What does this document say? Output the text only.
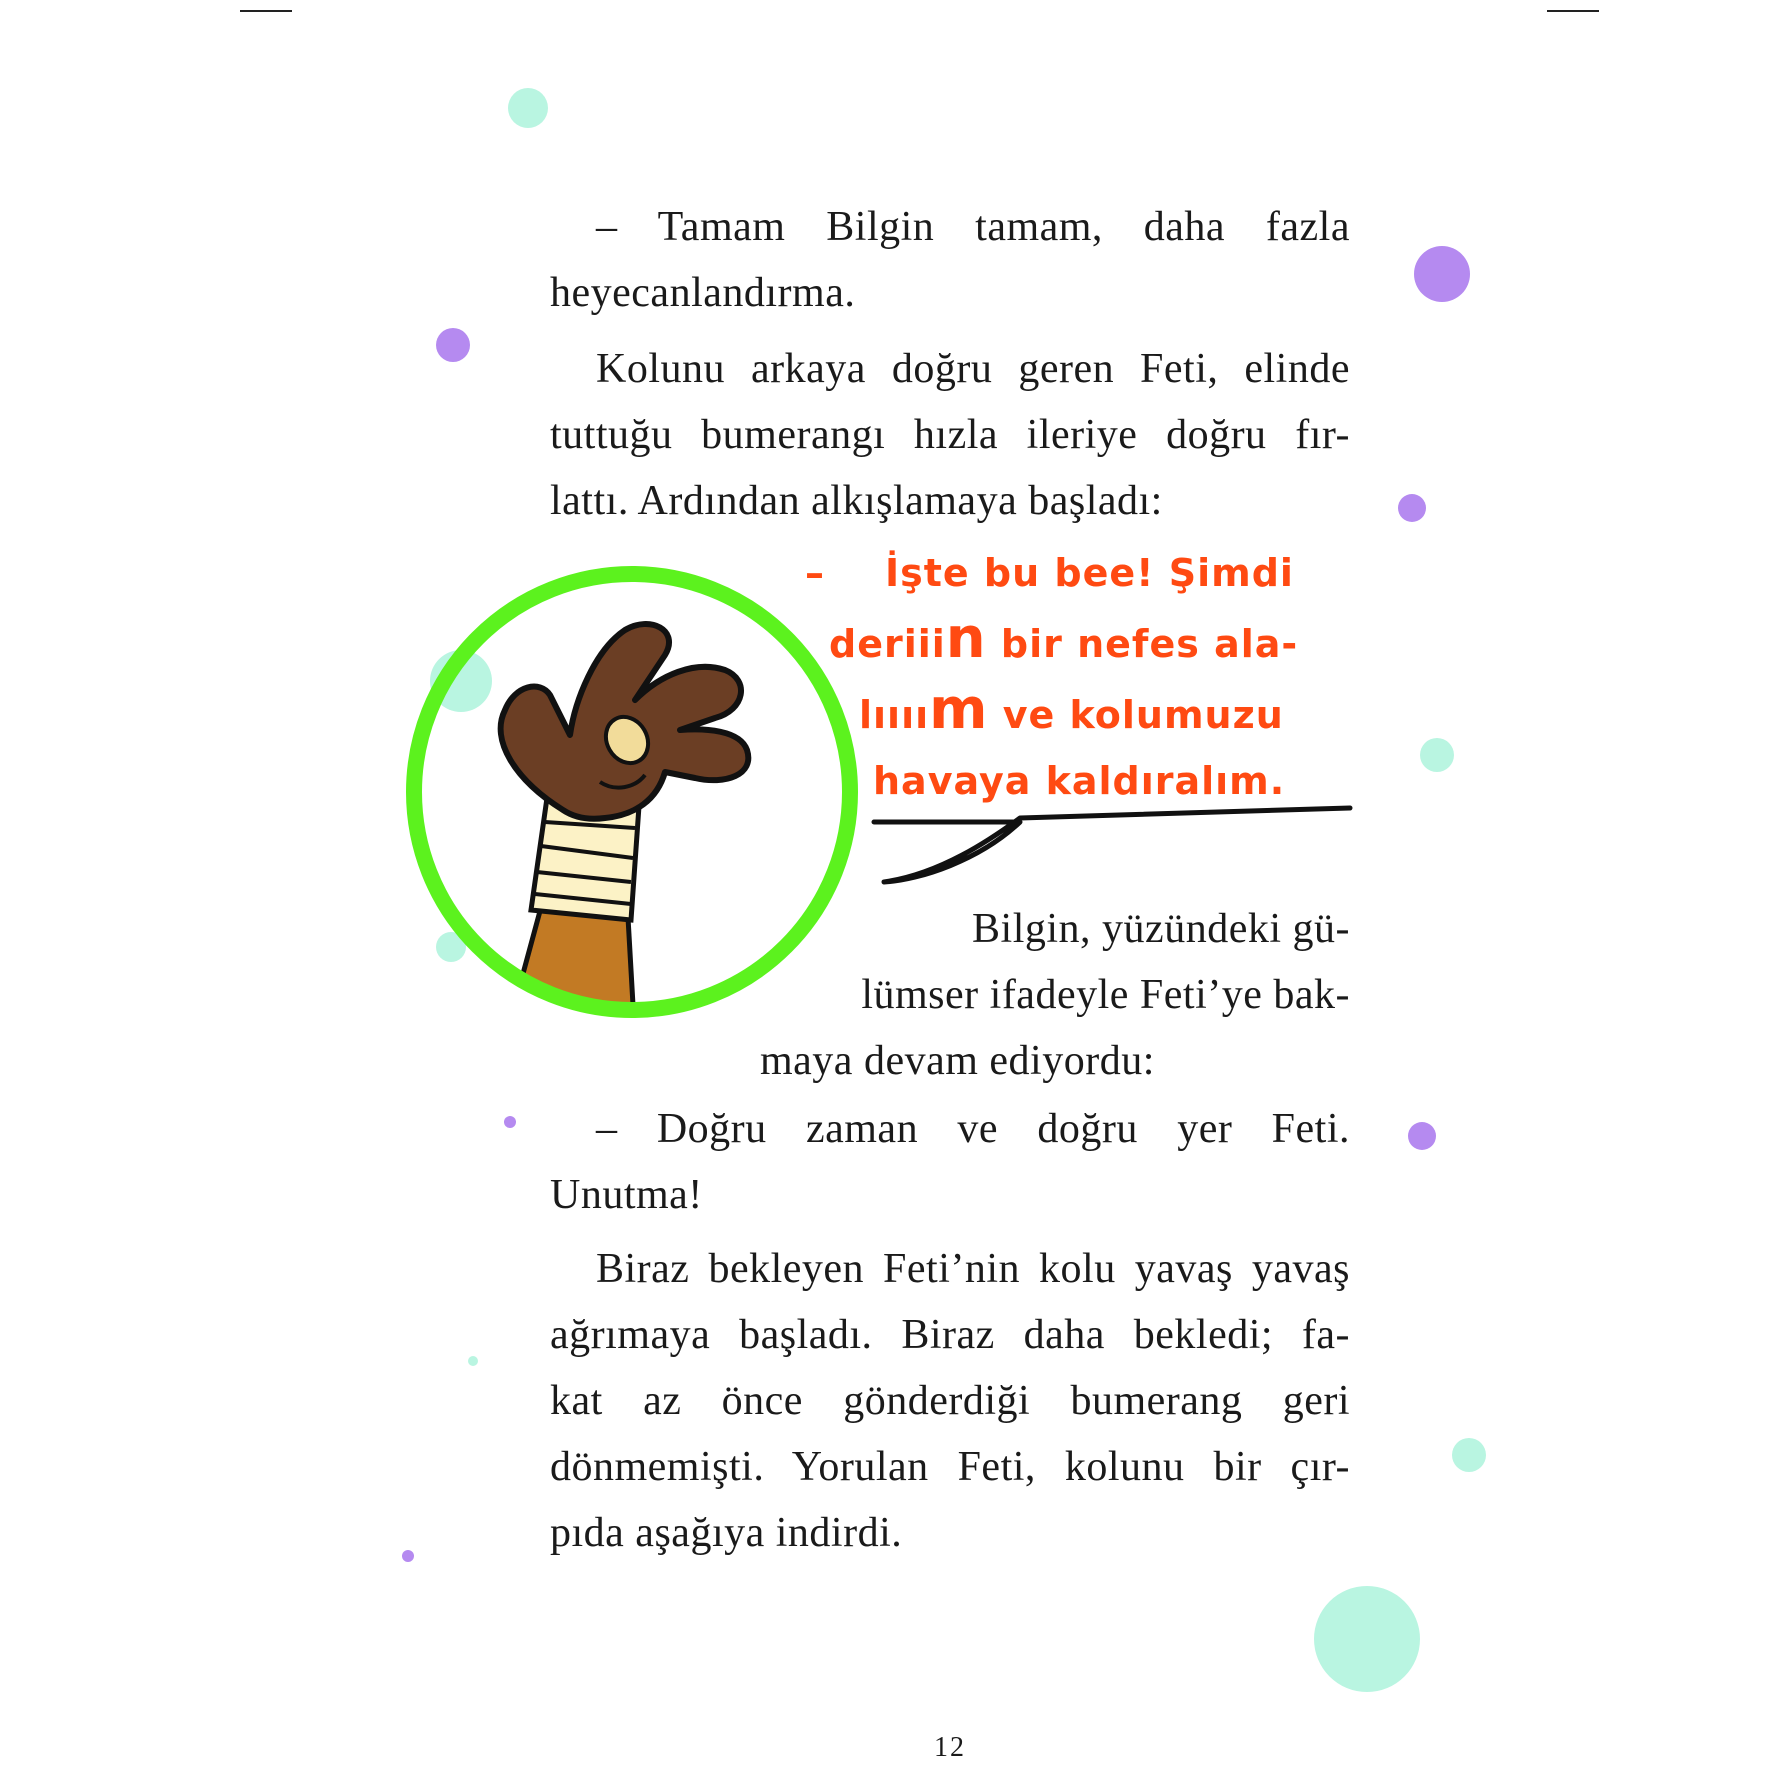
– Tamam Bilgin tamam, daha fazla
heyecanlandırma.
Kolunu arkaya doğru geren Feti, elinde
tuttuğu bumerangı hızla ileriye doğru fır-
lattı. Ardından alkışlamaya başladı:
– İşte bu bee! Şimdi
deriiin bir nefes ala-
lıııım ve kolumuzu
havaya kaldıralım.
Bilgin, yüzündeki gü-
lümser ifadeyle Feti’ye bak-
maya devam ediyordu:
– Doğru zaman ve doğru yer Feti.
Unutma!
Biraz bekleyen Feti’nin kolu yavaş yavaş
ağrımaya başladı. Biraz daha bekledi; fa-
kat az önce gönderdiği bumerang geri
dönmemişti. Yorulan Feti, kolunu bir çır-
pıda aşağıya indirdi.
12
